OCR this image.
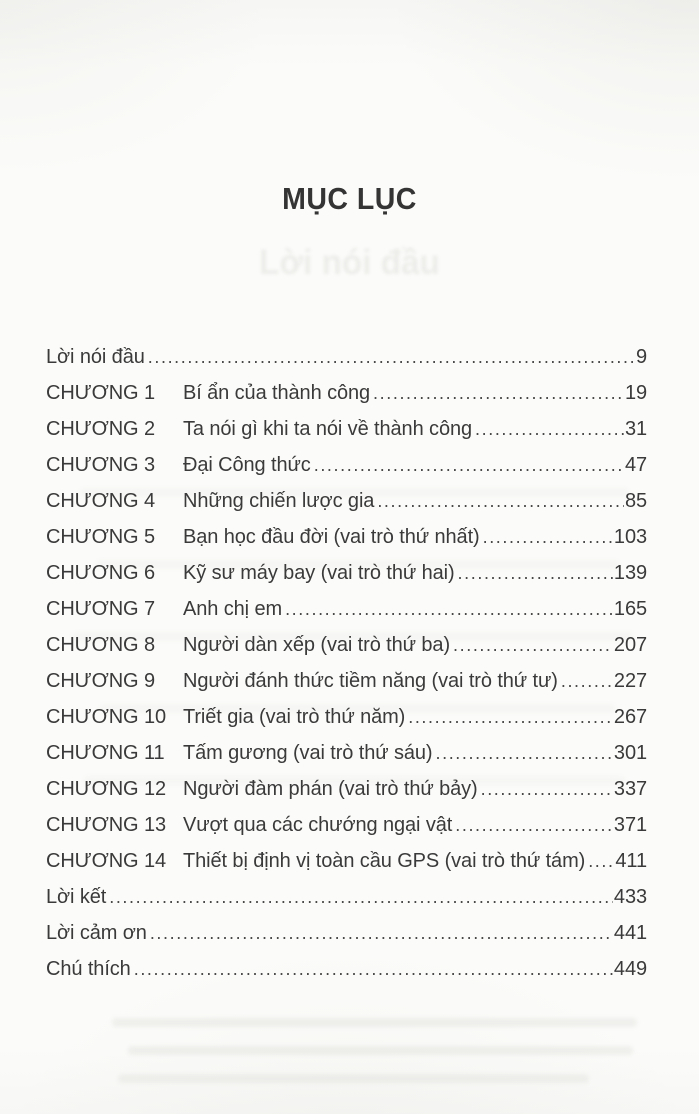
MỤC LỤC
Lời nói đầu
Lời nói đầu .....	9
CHƯƠNG 1	Bí ẩn của thành công .....	19
CHƯƠNG 2	Ta nói gì khi ta nói về thành công .....	31
CHƯƠNG 3	Đại Công thức .....	47
CHƯƠNG 4	Những chiến lược gia .....	85
CHƯƠNG 5	Bạn học đầu đời (vai trò thứ nhất) .....	103
CHƯƠNG 6	Kỹ sư máy bay (vai trò thứ hai) .....	139
CHƯƠNG 7	Anh chị em .....	165
CHƯƠNG 8	Người dàn xếp (vai trò thứ ba) .....	207
CHƯƠNG 9	Người đánh thức tiềm năng (vai trò thứ tư) .....	227
CHƯƠNG 10 Triết gia (vai trò thứ năm) .....	267
CHƯƠNG 11 Tấm gương (vai trò thứ sáu) .....	301
CHƯƠNG 12 Người đàm phán (vai trò thứ bảy) .....	337
CHƯƠNG 13 Vượt qua các chướng ngại vật .....	371
CHƯƠNG 14 Thiết bị định vị toàn cầu GPS (vai trò thứ tám) ..... 411
Lời kết .....	433
Lời cảm ơn .....	441
Chú thích .....	449
